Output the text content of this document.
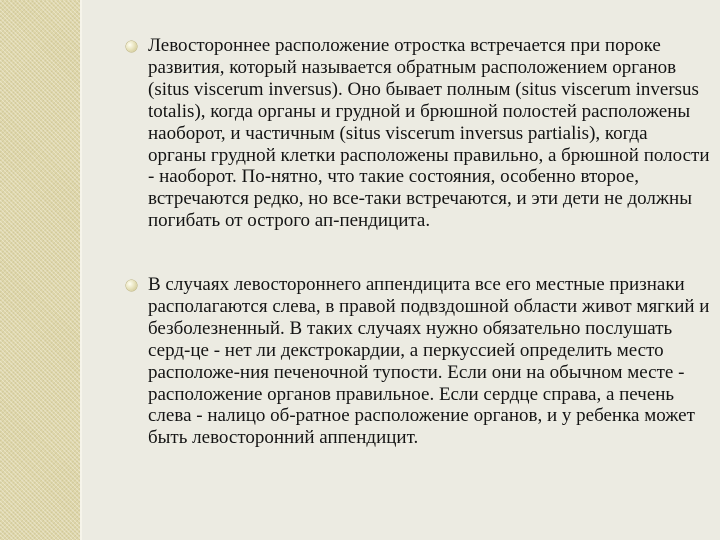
Левостороннее расположение отростка встречается при пороке развития, который называется обратным расположением органов (situs viscerum inversus). Оно бывает полным (situs viscerum inversus totalis), когда органы и грудной и брюшной полостей расположены наоборот, и частичным (situs viscerum inversus partialis), когда органы грудной клетки расположены правильно, а брюшной полости - наоборот. По-нятно, что такие состояния, особенно второе, встречаются редко, но все-таки встречаются, и эти дети не должны погибать от острого ап-пендицита.
В случаях левостороннего аппендицита все его местные признаки располагаются слева, в правой подвздошной области живот мягкий и безболезненный. В таких случаях нужно обязательно послушать серд-це - нет ли декстрокардии, а перкуссией определить место расположе-ния печеночной тупости. Если они на обычном месте - расположение органов правильное. Если сердце справа, а печень слева - налицо об-ратное расположение органов, и у ребенка может быть левосторонний аппендицит.
